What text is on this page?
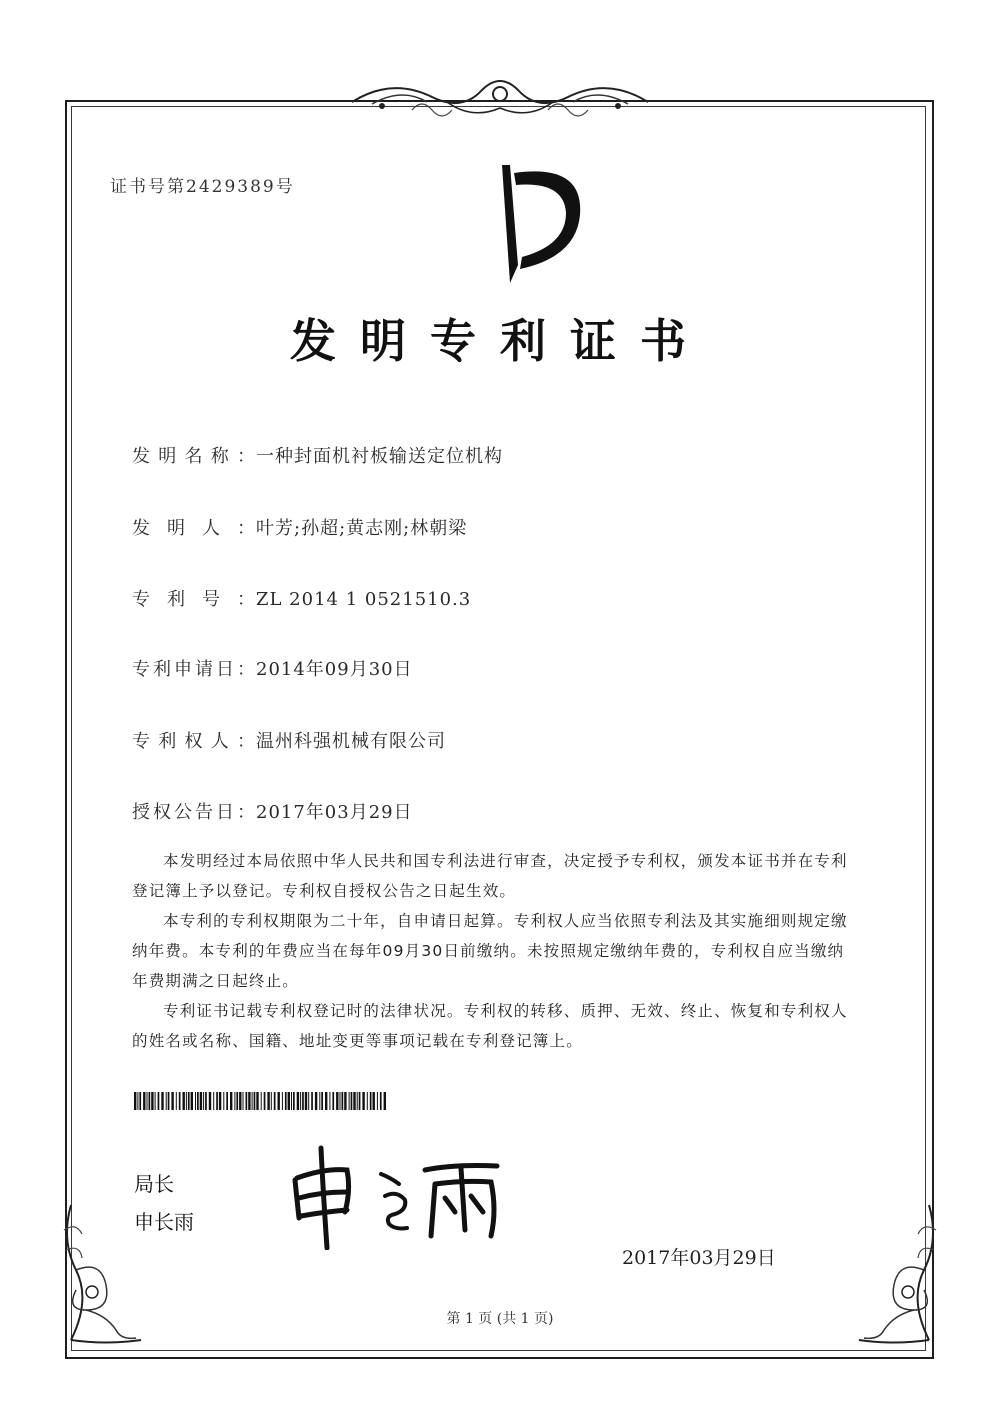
证书号第2429389号
发明专利证书
发明名称：一种封面机衬板输送定位机构
发明人：叶芳;孙超;黄志刚;林朝梁
专利号：ZL 2014 1 0521510.3
专利申请日：2014年09月30日
专利权人：温州科强机械有限公司
授权公告日：2017年03月29日

本发明经过本局依照中华人民共和国专利法进行审查，决定授予专利权，颁发本证书并在专利登记簿上予以登记。专利权自授权公告之日起生效。

本专利的专利权期限为二十年，自申请日起算。专利权人应当依照专利法及其实施细则规定缴纳年费。本专利的年费应当在每年09月30日前缴纳。未按照规定缴纳年费的，专利权自应当缴纳年费期满之日起终止。

专利证书记载专利权登记时的法律状况。专利权的转移、质押、无效、终止、恢复和专利权人的姓名或名称、国籍、地址变更等事项记载在专利登记簿上。

局长
申长雨
2017年03月29日
第 1 页 (共 1 页)
